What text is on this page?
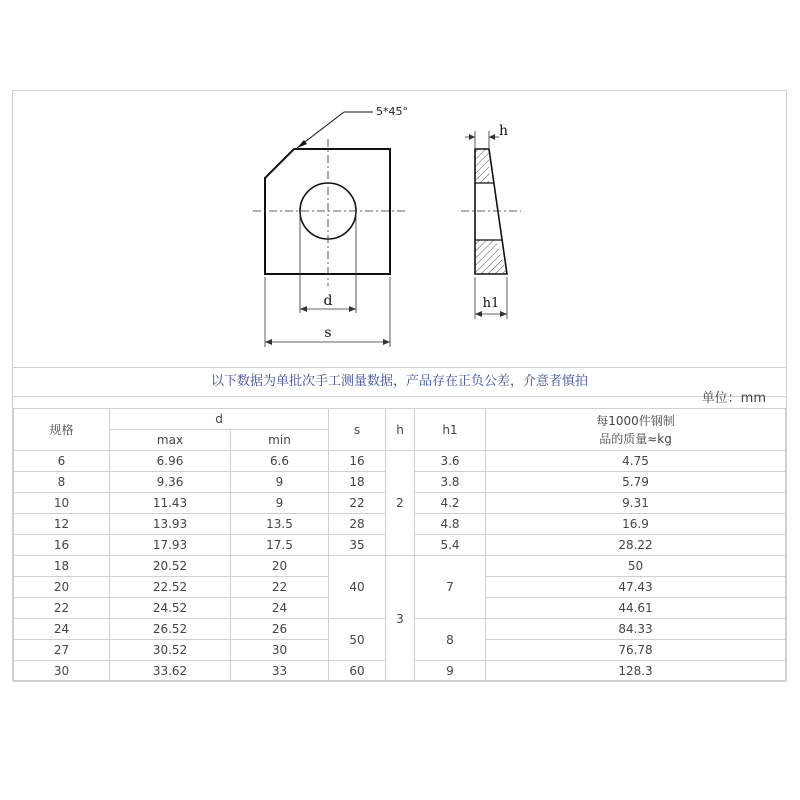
5*45°
d
s
h
h1
以下数据为单批次手工测量数据，产品存在正负公差，介意者慎拍
单位：mm
规格	d		s	h	h1	每1000件钢制
品的质量≈kg

	max	min				
6	6.96	6.6	16	2	3.6	4.75
8	9.36	9	18		3.8	5.79
10	11.43	9	22		4.2	9.31
12	13.93	13.5	28		4.8	16.9
16	17.93	17.5	35		5.4	28.22
18	20.52	20	40	3	7	50
20	22.52	22				47.43
22	24.52	24				44.61
24	26.52	26	50		8	84.33
27	30.52	30				76.78
30	33.62	33	60		9	128.3
